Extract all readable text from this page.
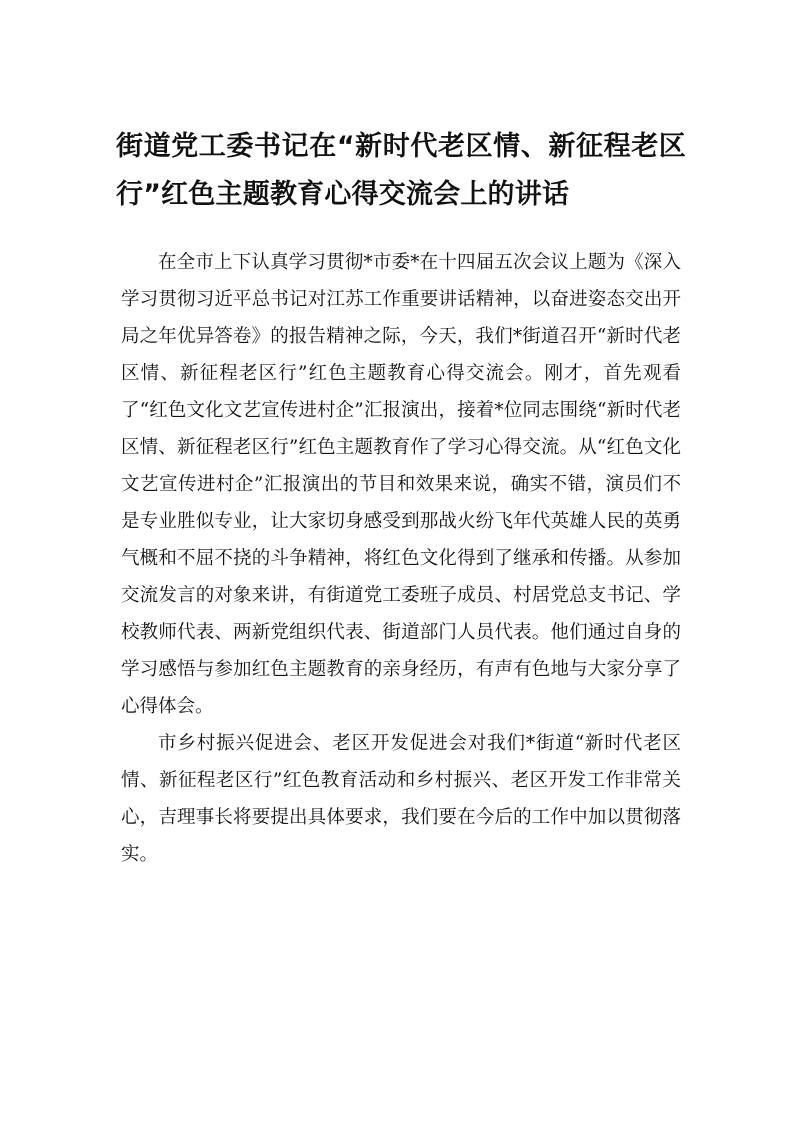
街道党工委书记在“新时代老区情、新征程老区行”红色主题教育心得交流会上的讲话

在全市上下认真学习贯彻*市委*在十四届五次会议上题为《深入学习贯彻习近平总书记对江苏工作重要讲话精神，以奋进姿态交出开局之年优异答卷》的报告精神之际，今天，我们*街道召开“新时代老区情、新征程老区行”红色主题教育心得交流会。刚才，首先观看了“红色文化文艺宣传进村企”汇报演出，接着*位同志围绕“新时代老区情、新征程老区行”红色主题教育作了学习心得交流。从“红色文化文艺宣传进村企”汇报演出的节目和效果来说，确实不错，演员们不是专业胜似专业，让大家切身感受到那战火纷飞年代英雄人民的英勇气概和不屈不挠的斗争精神，将红色文化得到了继承和传播。从参加交流发言的对象来讲，有街道党工委班子成员、村居党总支书记、学校教师代表、两新党组织代表、街道部门人员代表。他们通过自身的学习感悟与参加红色主题教育的亲身经历，有声有色地与大家分享了心得体会。

市乡村振兴促进会、老区开发促进会对我们*街道“新时代老区情、新征程老区行”红色教育活动和乡村振兴、老区开发工作非常关心，吉理事长将要提出具体要求，我们要在今后的工作中加以贯彻落实。
